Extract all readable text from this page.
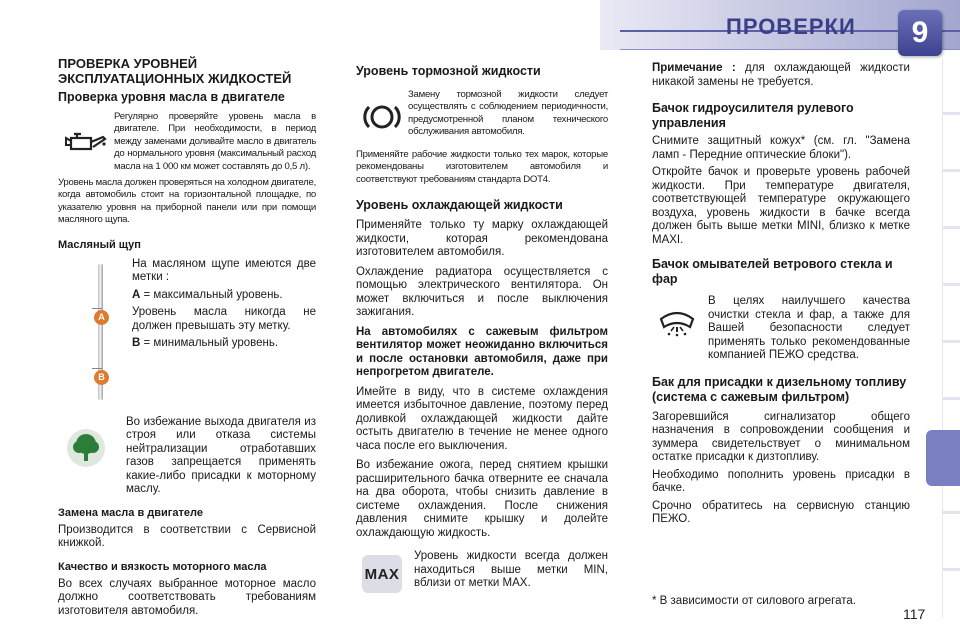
ПРОВЕРКИ	9
ПРОВЕРКА УРОВНЕЙ
ЭКСПЛУАТАЦИОННЫХ ЖИДКОСТЕЙ
Проверка уровня масла в двигателе

Регулярно проверяйте уровень масла в двигателе. При необходимости, в период между заменами доливайте масло в двигатель до нормального уровня (максимальный расход масла на 1 000 км может составлять до 0,5 л).

Уровень масла должен проверяться на холодном двигателе, когда автомобиль стоит на горизонтальной площадке, по указателю уровня на приборной панели или при помощи масляного щупа.

Масляный щуп
A
B

На масляном щупе имеются две метки :

A = максимальный уровень.

Уровень масла никогда не должен превышать эту метку.

B = минимальный уровень.

Во избежание выхода двигателя из строя или отказа системы нейтрализации отработавших газов запрещается применять какие-либо присадки к моторному маслу.

Замена масла в двигателе

Производится в соответствии с Сервисной книжкой.

Качество и вязкость моторного масла

Во всех случаях выбранное моторное масло должно соответствовать требованиям изготовителя автомобиля.

Уровень тормозной жидкости

Замену тормозной жидкости следует осуществлять с соблюдением периодичности, предусмотренной планом технического обслуживания автомобиля.

Применяйте рабочие жидкости только тех марок, которые рекомендованы изготовителем автомобиля и соответствуют требованиям стандарта DOT4.

Уровень охлаждающей жидкости

Применяйте только ту марку охлаждающей жидкости, которая рекомендована изготовителем автомобиля.

Охлаждение радиатора осуществляется с помощью электрического вентилятора. Он может включиться и после выключения зажигания.

На автомобилях с сажевым фильтром вентилятор может неожиданно включиться и после остановки автомобиля, даже при непрогретом двигателе.

Имейте в виду, что в системе охлаждения имеется избыточное давление, поэтому перед доливкой охлаждающей жидкости дайте остыть двигателю в течение не менее одного часа после его выключения.

Во избежание ожога, перед снятием крышки расширительного бачка отверните ее сначала на два оборота, чтобы снизить давление в системе охлаждения. После снижения давления снимите крышку и долейте охлаждающую жидкость.

MAX

Уровень жидкости всегда должен находиться выше метки MIN, вблизи от метки MAX.

Примечание : для охлаждающей жидкости никакой замены не требуется.

Бачок гидроусилителя рулевого управления

Снимите защитный кожух* (см. гл. "Замена ламп - Передние оптические блоки").

Откройте бачок и проверьте уровень рабочей жидкости. При температуре двигателя, соответствующей температуре окружающего воздуха, уровень жидкости в бачке всегда должен быть выше метки MINI, близко к метке MAXI.

Бачок омывателей ветрового стекла и фар

В целях наилучшего качества очистки стекла и фар, а также для Вашей безопасности следует применять только рекомендованные компанией ПЕЖО средства.

Бак для присадки к дизельному топливу (система с сажевым фильтром)

Загоревшийся сигнализатор общего назначения в сопровождении сообщения и зуммера свидетельствует о минимальном остатке присадки к дизтопливу.

Необходимо пополнить уровень присадки в бачке.

Срочно обратитесь на сервисную станцию ПЕЖО.

* В зависимости от силового агрегата.
117
